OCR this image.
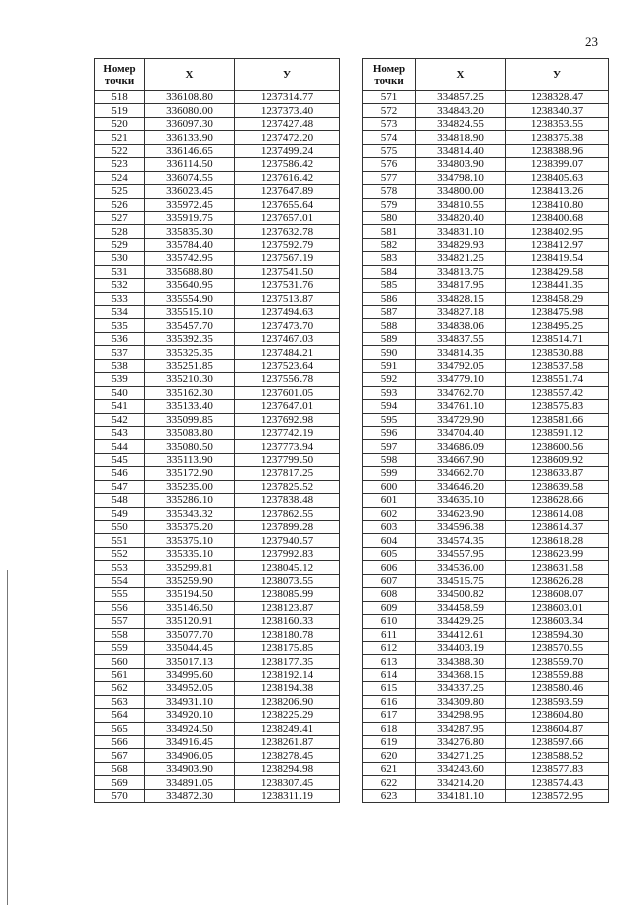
23
Номер
точки	X	У
518	336108.80	1237314.77
519	336080.00	1237373.40
520	336097.30	1237427.48
521	336133.90	1237472.20
522	336146.65	1237499.24
523	336114.50	1237586.42
524	336074.55	1237616.42
525	336023.45	1237647.89
526	335972.45	1237655.64
527	335919.75	1237657.01
528	335835.30	1237632.78
529	335784.40	1237592.79
530	335742.95	1237567.19
531	335688.80	1237541.50
532	335640.95	1237531.76
533	335554.90	1237513.87
534	335515.10	1237494.63
535	335457.70	1237473.70
536	335392.35	1237467.03
537	335325.35	1237484.21
538	335251.85	1237523.64
539	335210.30	1237556.78
540	335162.30	1237601.05
541	335133.40	1237647.01
542	335099.85	1237692.98
543	335083.80	1237742.19
544	335080.50	1237773.94
545	335113.90	1237799.50
546	335172.90	1237817.25
547	335235.00	1237825.52
548	335286.10	1237838.48
549	335343.32	1237862.55
550	335375.20	1237899.28
551	335375.10	1237940.57
552	335335.10	1237992.83
553	335299.81	1238045.12
554	335259.90	1238073.55
555	335194.50	1238085.99
556	335146.50	1238123.87
557	335120.91	1238160.33
558	335077.70	1238180.78
559	335044.45	1238175.85
560	335017.13	1238177.35
561	334995.60	1238192.14
562	334952.05	1238194.38
563	334931.10	1238206.90
564	334920.10	1238225.29
565	334924.50	1238249.41
566	334916.45	1238261.87
567	334906.05	1238278.45
568	334903.90	1238294.98
569	334891.05	1238307.45
570	334872.30	1238311.19
Номер
точки	X	У
571	334857.25	1238328.47
572	334843.20	1238340.37
573	334824.55	1238353.55
574	334818.90	1238375.38
575	334814.40	1238388.96
576	334803.90	1238399.07
577	334798.10	1238405.63
578	334800.00	1238413.26
579	334810.55	1238410.80
580	334820.40	1238400.68
581	334831.10	1238402.95
582	334829.93	1238412.97
583	334821.25	1238419.54
584	334813.75	1238429.58
585	334817.95	1238441.35
586	334828.15	1238458.29
587	334827.18	1238475.98
588	334838.06	1238495.25
589	334837.55	1238514.71
590	334814.35	1238530.88
591	334792.05	1238537.58
592	334779.10	1238551.74
593	334762.70	1238557.42
594	334761.10	1238575.83
595	334729.90	1238581.66
596	334704.40	1238591.12
597	334686.09	1238600.56
598	334667.90	1238609.92
599	334662.70	1238633.87
600	334646.20	1238639.58
601	334635.10	1238628.66
602	334623.90	1238614.08
603	334596.38	1238614.37
604	334574.35	1238618.28
605	334557.95	1238623.99
606	334536.00	1238631.58
607	334515.75	1238626.28
608	334500.82	1238608.07
609	334458.59	1238603.01
610	334429.25	1238603.34
611	334412.61	1238594.30
612	334403.19	1238570.55
613	334388.30	1238559.70
614	334368.15	1238559.88
615	334337.25	1238580.46
616	334309.80	1238593.59
617	334298.95	1238604.80
618	334287.95	1238604.87
619	334276.80	1238597.66
620	334271.25	1238588.52
621	334243.60	1238577.83
622	334214.20	1238574.43
623	334181.10	1238572.95
